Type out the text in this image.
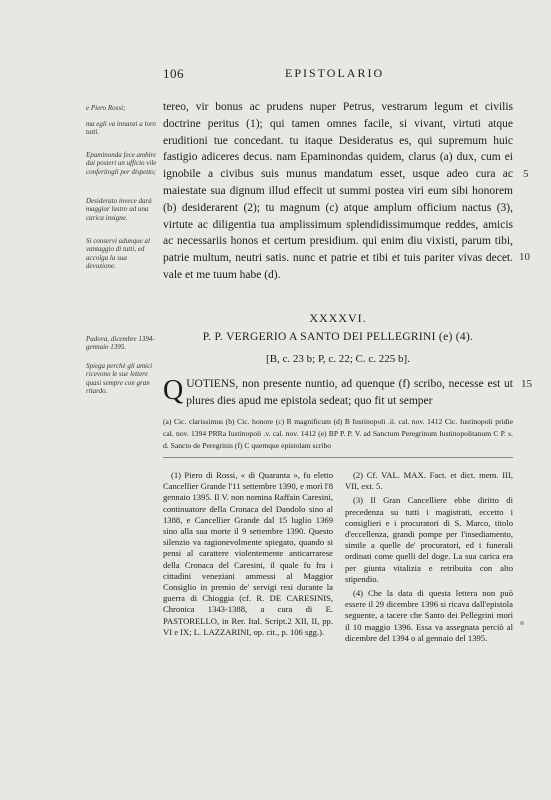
106	EPISTOLARIO

e Piero Rossi;

ma egli va innanzi a loro tutti.

Epaminonda fece ambire dai posteri un ufficio vile conferitogli per dispetto;

Desiderato invece darà maggior lustro ad una carica insigne.

Si conservi adunque al vantaggio di tutti, ed accolga la sua devozione.

Padova, dicembre 1394-gennaio 1395.

Spiega perchè gli amici ricevono le sue lettere quasi sempre con gran ritardo.

tereo, vir bonus ac prudens nuper Petrus, vestrarum legum et civilis doctrine peritus (1); qui tamen omnes facile, si vivant, virtuti atque eruditioni tue concedant. tu itaque Desideratus es, qui supremum huic fastigio adiceres decus. nam Epaminondas quidem, clarus (a) dux, cum ei ignobile a civibus suis munus mandatum esset, usque adeo cura ac maiestate sua dignum illud effecit ut summi postea viri eum sibi honorem (b) desiderarent (2); tu magnum (c) atque amplum officium nactus (3), virtute ac diligentia tua amplissimum splendidissimumque reddes, amicis ac necessariis honos et certum presidium. qui enim diu vixisti, parum tibi, patrie multum, neutri satis. nunc et patrie et tibi et tuis pariter vivas decet. vale et me tuum habe (d).

5
10
15
XXXXVI.
P. P. VERGERIO A SANTO DEI PELLEGRINI (e) (4).
[B, c. 23 b; P, c. 22; C. c. 225 b].
Q UOTIENS, non presente nuntio, ad quenque (f) scribo, necesse est ut plures dies apud me epistola sedeat; quo fit ut semper

(a) Cic. clarissimus (b) Cic. honore (c) R magnificum (d) B Iustinopoli .ii. cal. nov. 1412 Cic. Iustinopoli pridie cal. nov. 1394 PRRa Iustinopoli .v. cal. nov. 1412 (e) BP P. P. V. ad Sanctum Peregrinum Iustinopolitanum C P. s. d. Sancto de Peregrinis (f) C quemque epistolam scribo

(1) Piero di Rossi, « di Quaranta », fu eletto Cancellier Grande l'11 settembre 1390, e morì l'8 gennaio 1395. Il V. non nomina Raffain Caresini, continuatore della Cronaca del Dandolo sino al 1388, e Cancellier Grande dal 15 luglio 1369 sino alla sua morte il 9 settembre 1390. Questo silenzio va ragionevolmente spiegato, quando si pensi al carattere violentemente anticarrarese della Cronaca del Caresini, il quale fu fra i cittadini veneziani ammessi al Maggior Consiglio in premio de' servigi resi durante la guerra di Chioggia (cf. R. DE CARESINIS, Chronica 1343-1388, a cura di E. PASTORELLO, in Rer. Ital. Script.2 XII, II, pp. VI e IX; L. LAZZARINI, op. cit., p. 106 sgg.).

(2) Cf. VAL. MAX. Fact. et dict. mem. III, VII, ext. 5.

(3) Il Gran Cancelliere ebbe diritto di precedenza su tutti i magistrati, eccetto i consiglieri e i procuratori di S. Marco, titolo d'eccellenza, grandi pompe per l'insediamento, simile a quelle de' procuratori, ed i funerali ordinati come quelli del doge. La sua carica era per giunta vitalizia e retribuita con alto stipendio.

(4) Che la data di questa lettera non può essere il 29 dicembre 1396 si ricava dall'epistola seguente, a tacere che Santo dei Pellegrini morì il 10 maggio 1396. Essa va assegnata perciò al dicembre del 1394 o al gennaio del 1395.
